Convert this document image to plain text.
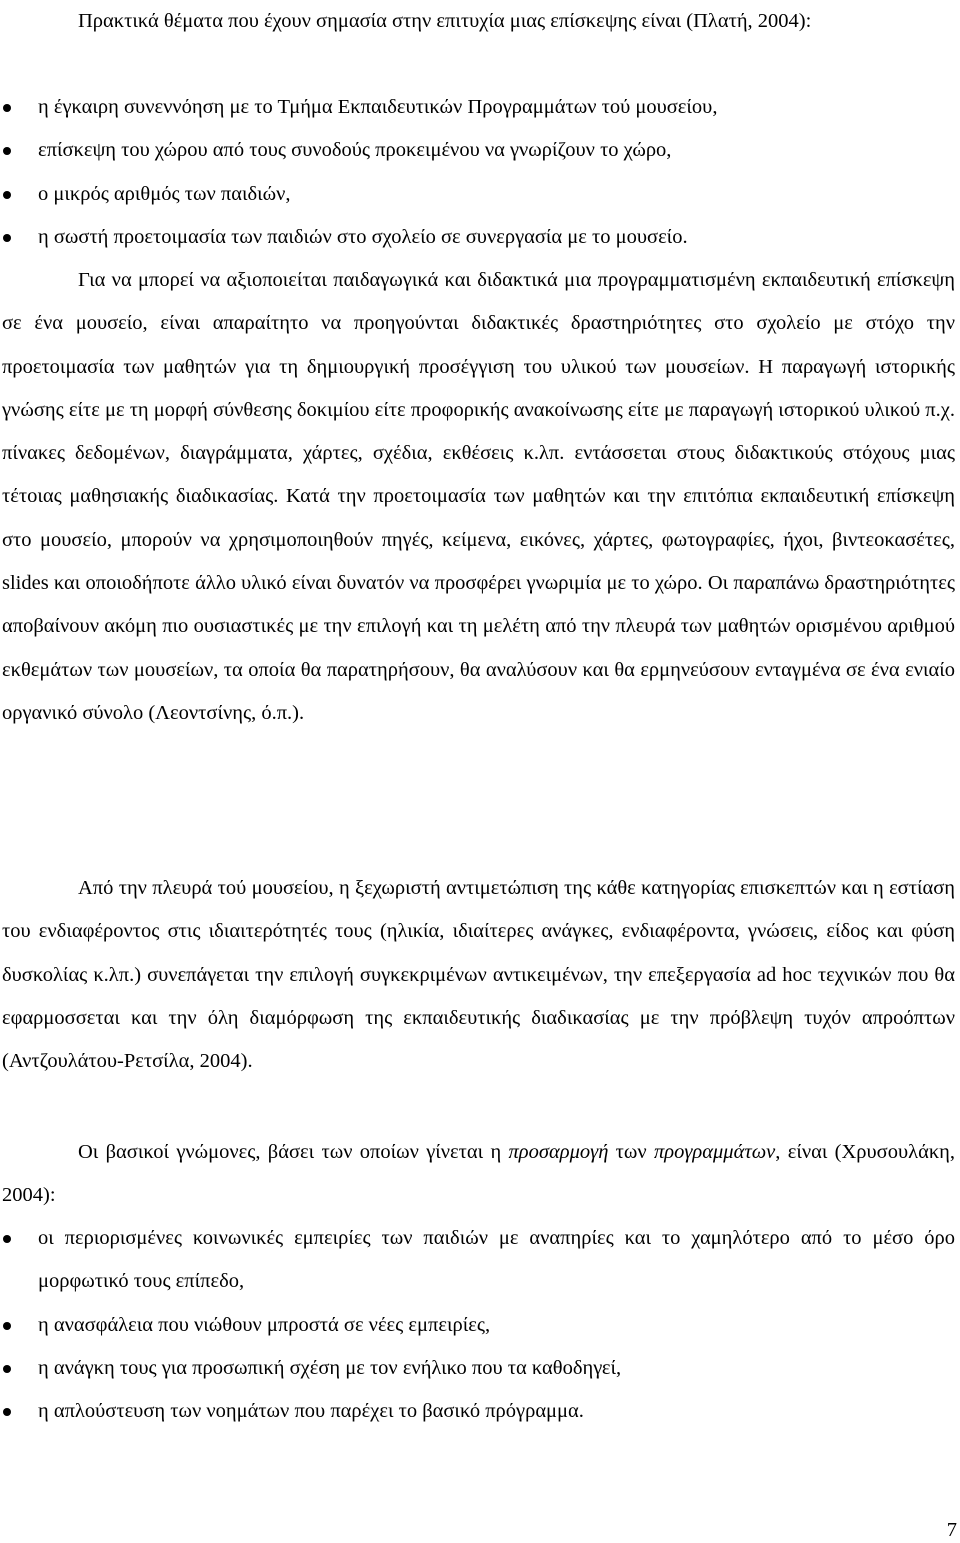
Πρακτικά θέματα που έχουν σημασία στην επιτυχία μιας επίσκεψης είναι (Πλατή, 2004):

η έγκαιρη συνεννόηση με το Τμήμα Εκπαιδευτικών Προγραμμάτων τού μουσείου,
επίσκεψη του χώρου από τους συνοδούς προκειμένου να γνωρίζουν το χώρο,
ο μικρός αριθμός των παιδιών,
η σωστή προετοιμασία των παιδιών στο σχολείο σε συνεργασία με το μουσείο.

Για να μπορεί να αξιοποιείται παιδαγωγικά και διδακτικά μια προγραμματισμένη εκπαιδευτική επίσκεψη σε ένα μουσείο, είναι απαραίτητο να προηγούνται διδακτικές δραστηριότητες στο σχολείο με στόχο την προετοιμασία των μαθητών για τη δημιουργική προσέγγιση του υλικού των μουσείων. Η παραγωγή ιστορικής γνώσης είτε με τη μορφή σύνθεσης δοκιμίου είτε προφορικής ανακοίνωσης είτε με παραγωγή ιστορικού υλικού π.χ. πίνακες δεδομένων, διαγράμματα, χάρτες, σχέδια, εκθέσεις κ.λπ. εντάσσεται στους διδακτικούς στόχους μιας τέτοιας μαθησιακής διαδικασίας. Κατά την προετοιμασία των μαθητών και την επιτόπια εκπαιδευτική επίσκεψη στο μουσείο, μπορούν να χρησιμοποιηθούν πηγές, κείμενα, εικόνες, χάρτες, φωτογραφίες, ήχοι, βιντεοκασέτες, slides και οποιοδήποτε άλλο υλικό είναι δυνατόν να προσφέρει γνωριμία με το χώρο. Οι παραπάνω δραστηριότητες αποβαίνουν ακόμη πιο ουσιαστικές με την επιλογή και τη μελέτη από την πλευρά των μαθητών ορισμένου αριθμού εκθεμάτων των μουσείων, τα οποία θα παρατηρήσουν, θα αναλύσουν και θα ερμηνεύσουν ενταγμένα σε ένα ενιαίο οργανικό σύνολο (Λεοντσίνης, ό.π.).

Από την πλευρά τού μουσείου, η ξεχωριστή αντιμετώπιση της κάθε κατηγορίας επισκεπτών και η εστίαση του ενδιαφέροντος στις ιδιαιτερότητές τους (ηλικία, ιδιαίτερες ανάγκες, ενδιαφέροντα, γνώσεις, είδος και φύση δυσκολίας κ.λπ.) συνεπάγεται την επιλογή συγκεκριμένων αντικειμένων, την επεξεργασία ad hoc τεχνικών που θα εφαρμοσσεται και την όλη διαμόρφωση της εκπαιδευτικής διαδικασίας με την πρόβλεψη τυχόν απροόπτων (Αντζουλάτου-Ρετσίλα, 2004).

Οι βασικοί γνώμονες, βάσει των οποίων γίνεται η προσαρμογή των προγραμμάτων, είναι (Χρυσουλάκη, 2004):

οι περιορισμένες κοινωνικές εμπειρίες των παιδιών με αναπηρίες και το χαμηλότερο από το μέσο όρο μορφωτικό τους επίπεδο,
η ανασφάλεια που νιώθουν μπροστά σε νέες εμπειρίες,
η ανάγκη τους για προσωπική σχέση με τον ενήλικο που τα καθοδηγεί,
η απλούστευση των νοημάτων που παρέχει το βασικό πρόγραμμα.
7
